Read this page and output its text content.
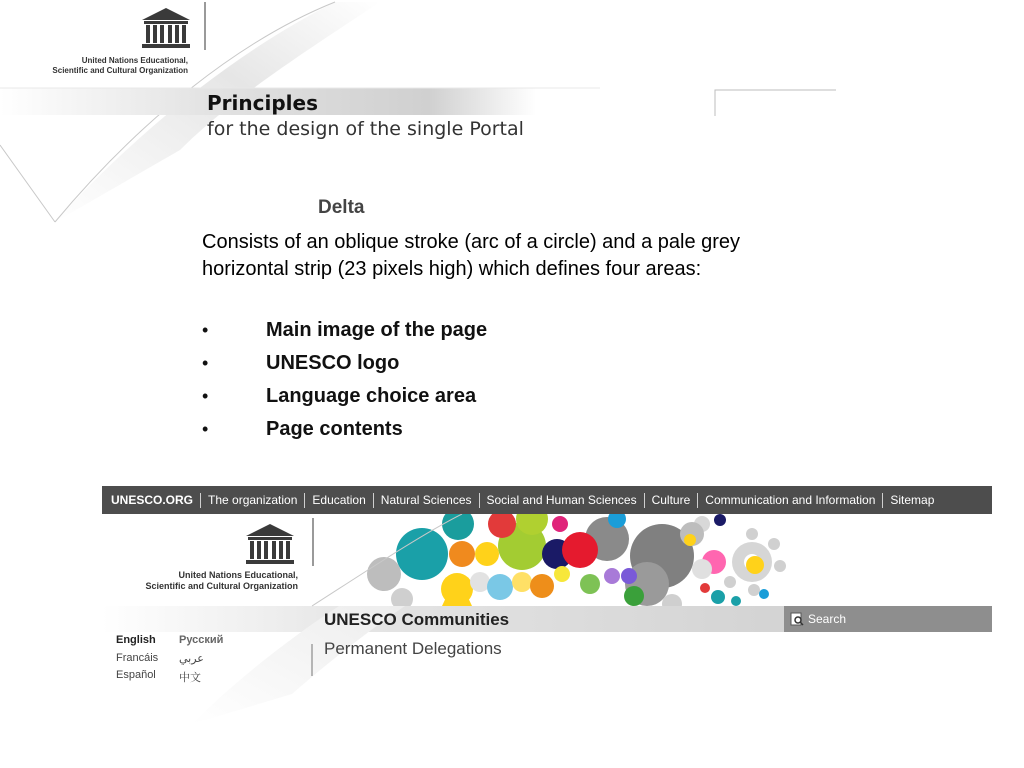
United Nations Educational,
Scientific and Cultural Organization
Principles
for the design of the single Portal
Delta
Consists of an oblique stroke (arc of a circle) and a pale grey horizontal strip (23 pixels high) which defines four areas:
•	Main image of the page
•	UNESCO logo
•	Language choice area
•	Page contents
UNESCO.ORG	The organization	Education	Natural Sciences	Social and Human Sciences	Culture	Communication and Information	Sitemap
United Nations Educational,
Scientific and Cultural Organization
UNESCO Communities	Search
Permanent Delegations
English Русский
Francáis عربي
Español 中文
